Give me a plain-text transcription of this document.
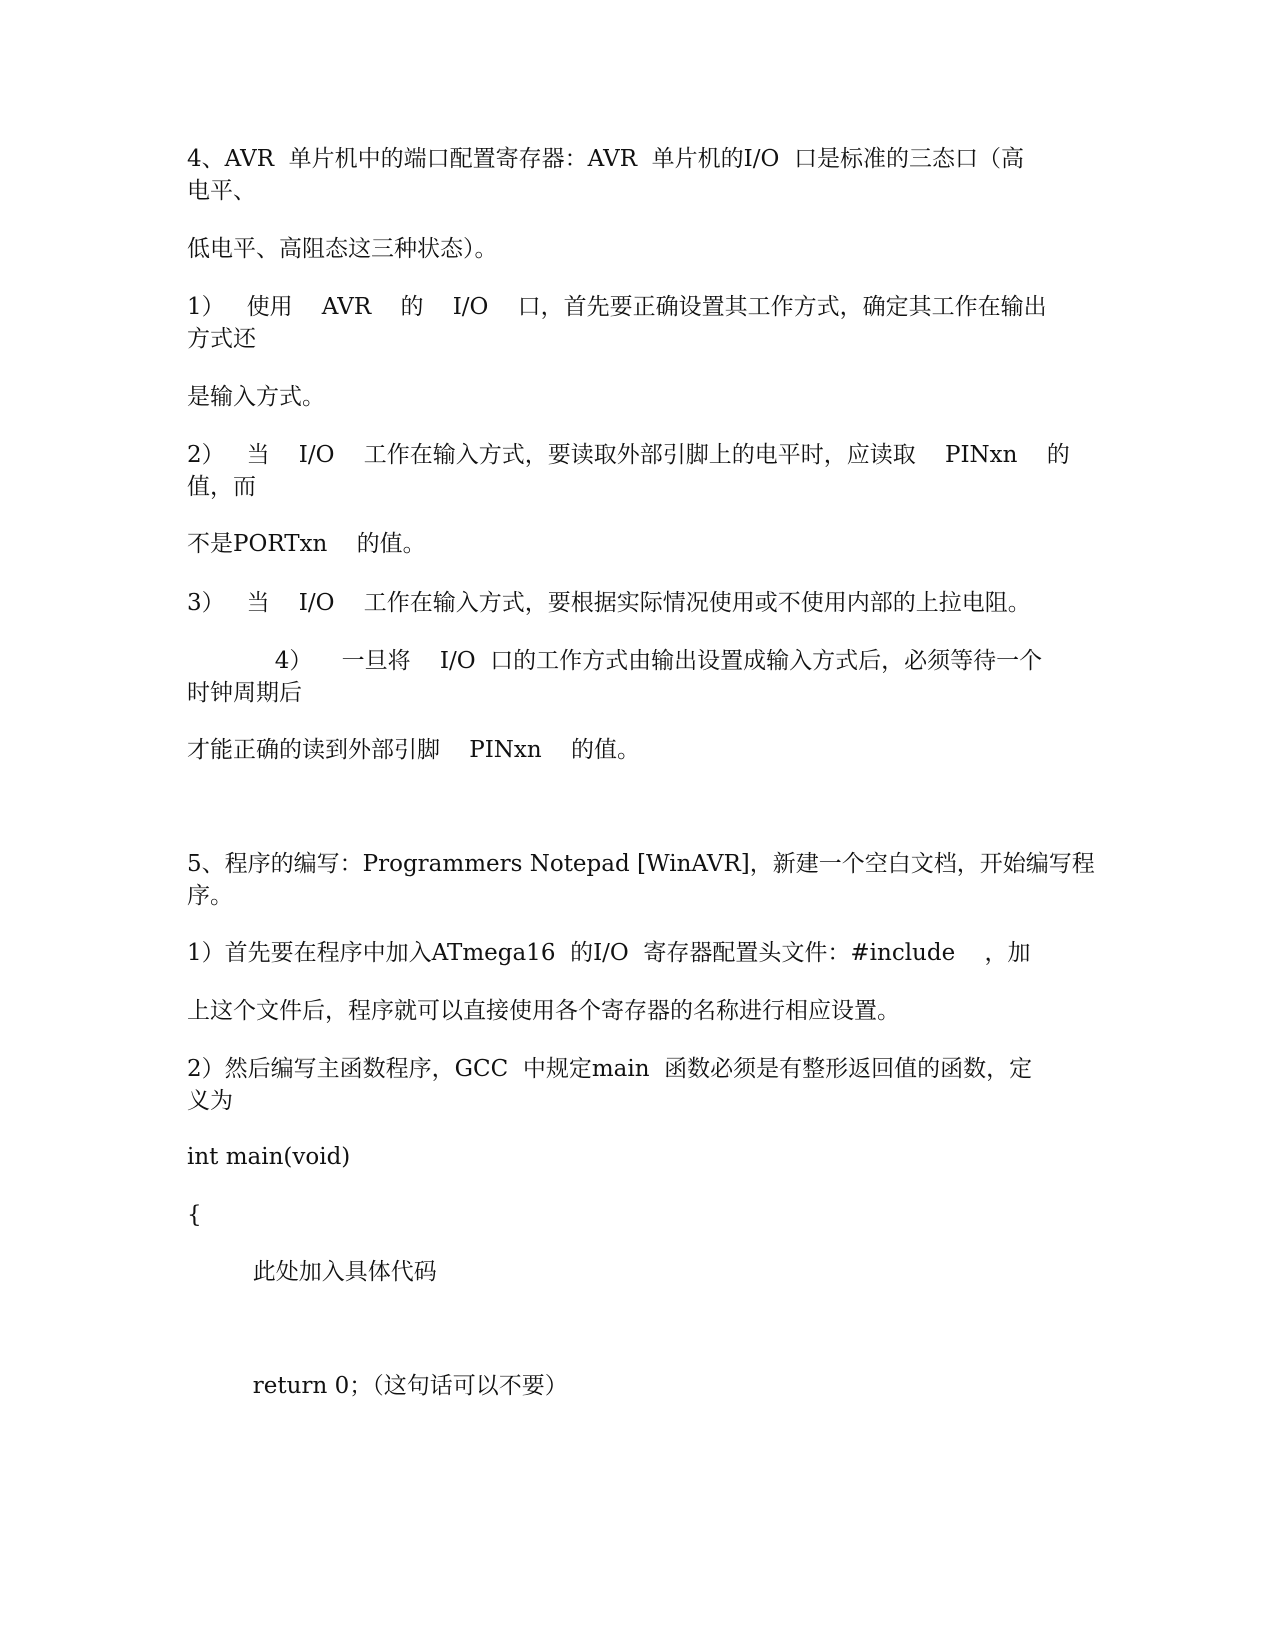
4、AVR  单片机中的端口配置寄存器：AVR  单片机的I/O  口是标准的三态口（高

电平、

低电平、高阻态这三种状态）。

1）   使用    AVR    的    I/O    口，首先要正确设置其工作方式，确定其工作在输出

方式还

是输入方式。

2）   当    I/O    工作在输入方式，要读取外部引脚上的电平时，应读取    PINxn    的

值，而

不是PORTxn    的值。

3）   当    I/O    工作在输入方式，要根据实际情况使用或不使用内部的上拉电阻。

4）    一旦将    I/O  口的工作方式由输出设置成输入方式后，必须等待一个

时钟周期后

才能正确的读到外部引脚    PINxn    的值。

5、程序的编写：Programmers Notepad [WinAVR]，新建一个空白文档，开始编写程

序。

1）首先要在程序中加入ATmega16  的I/O  寄存器配置头文件：#include    ，加

上这个文件后，程序就可以直接使用各个寄存器的名称进行相应设置。

2）然后编写主函数程序，GCC  中规定main  函数必须是有整形返回值的函数，定

义为

int main(void)

{

此处加入具体代码

return 0；（这句话可以不要）
